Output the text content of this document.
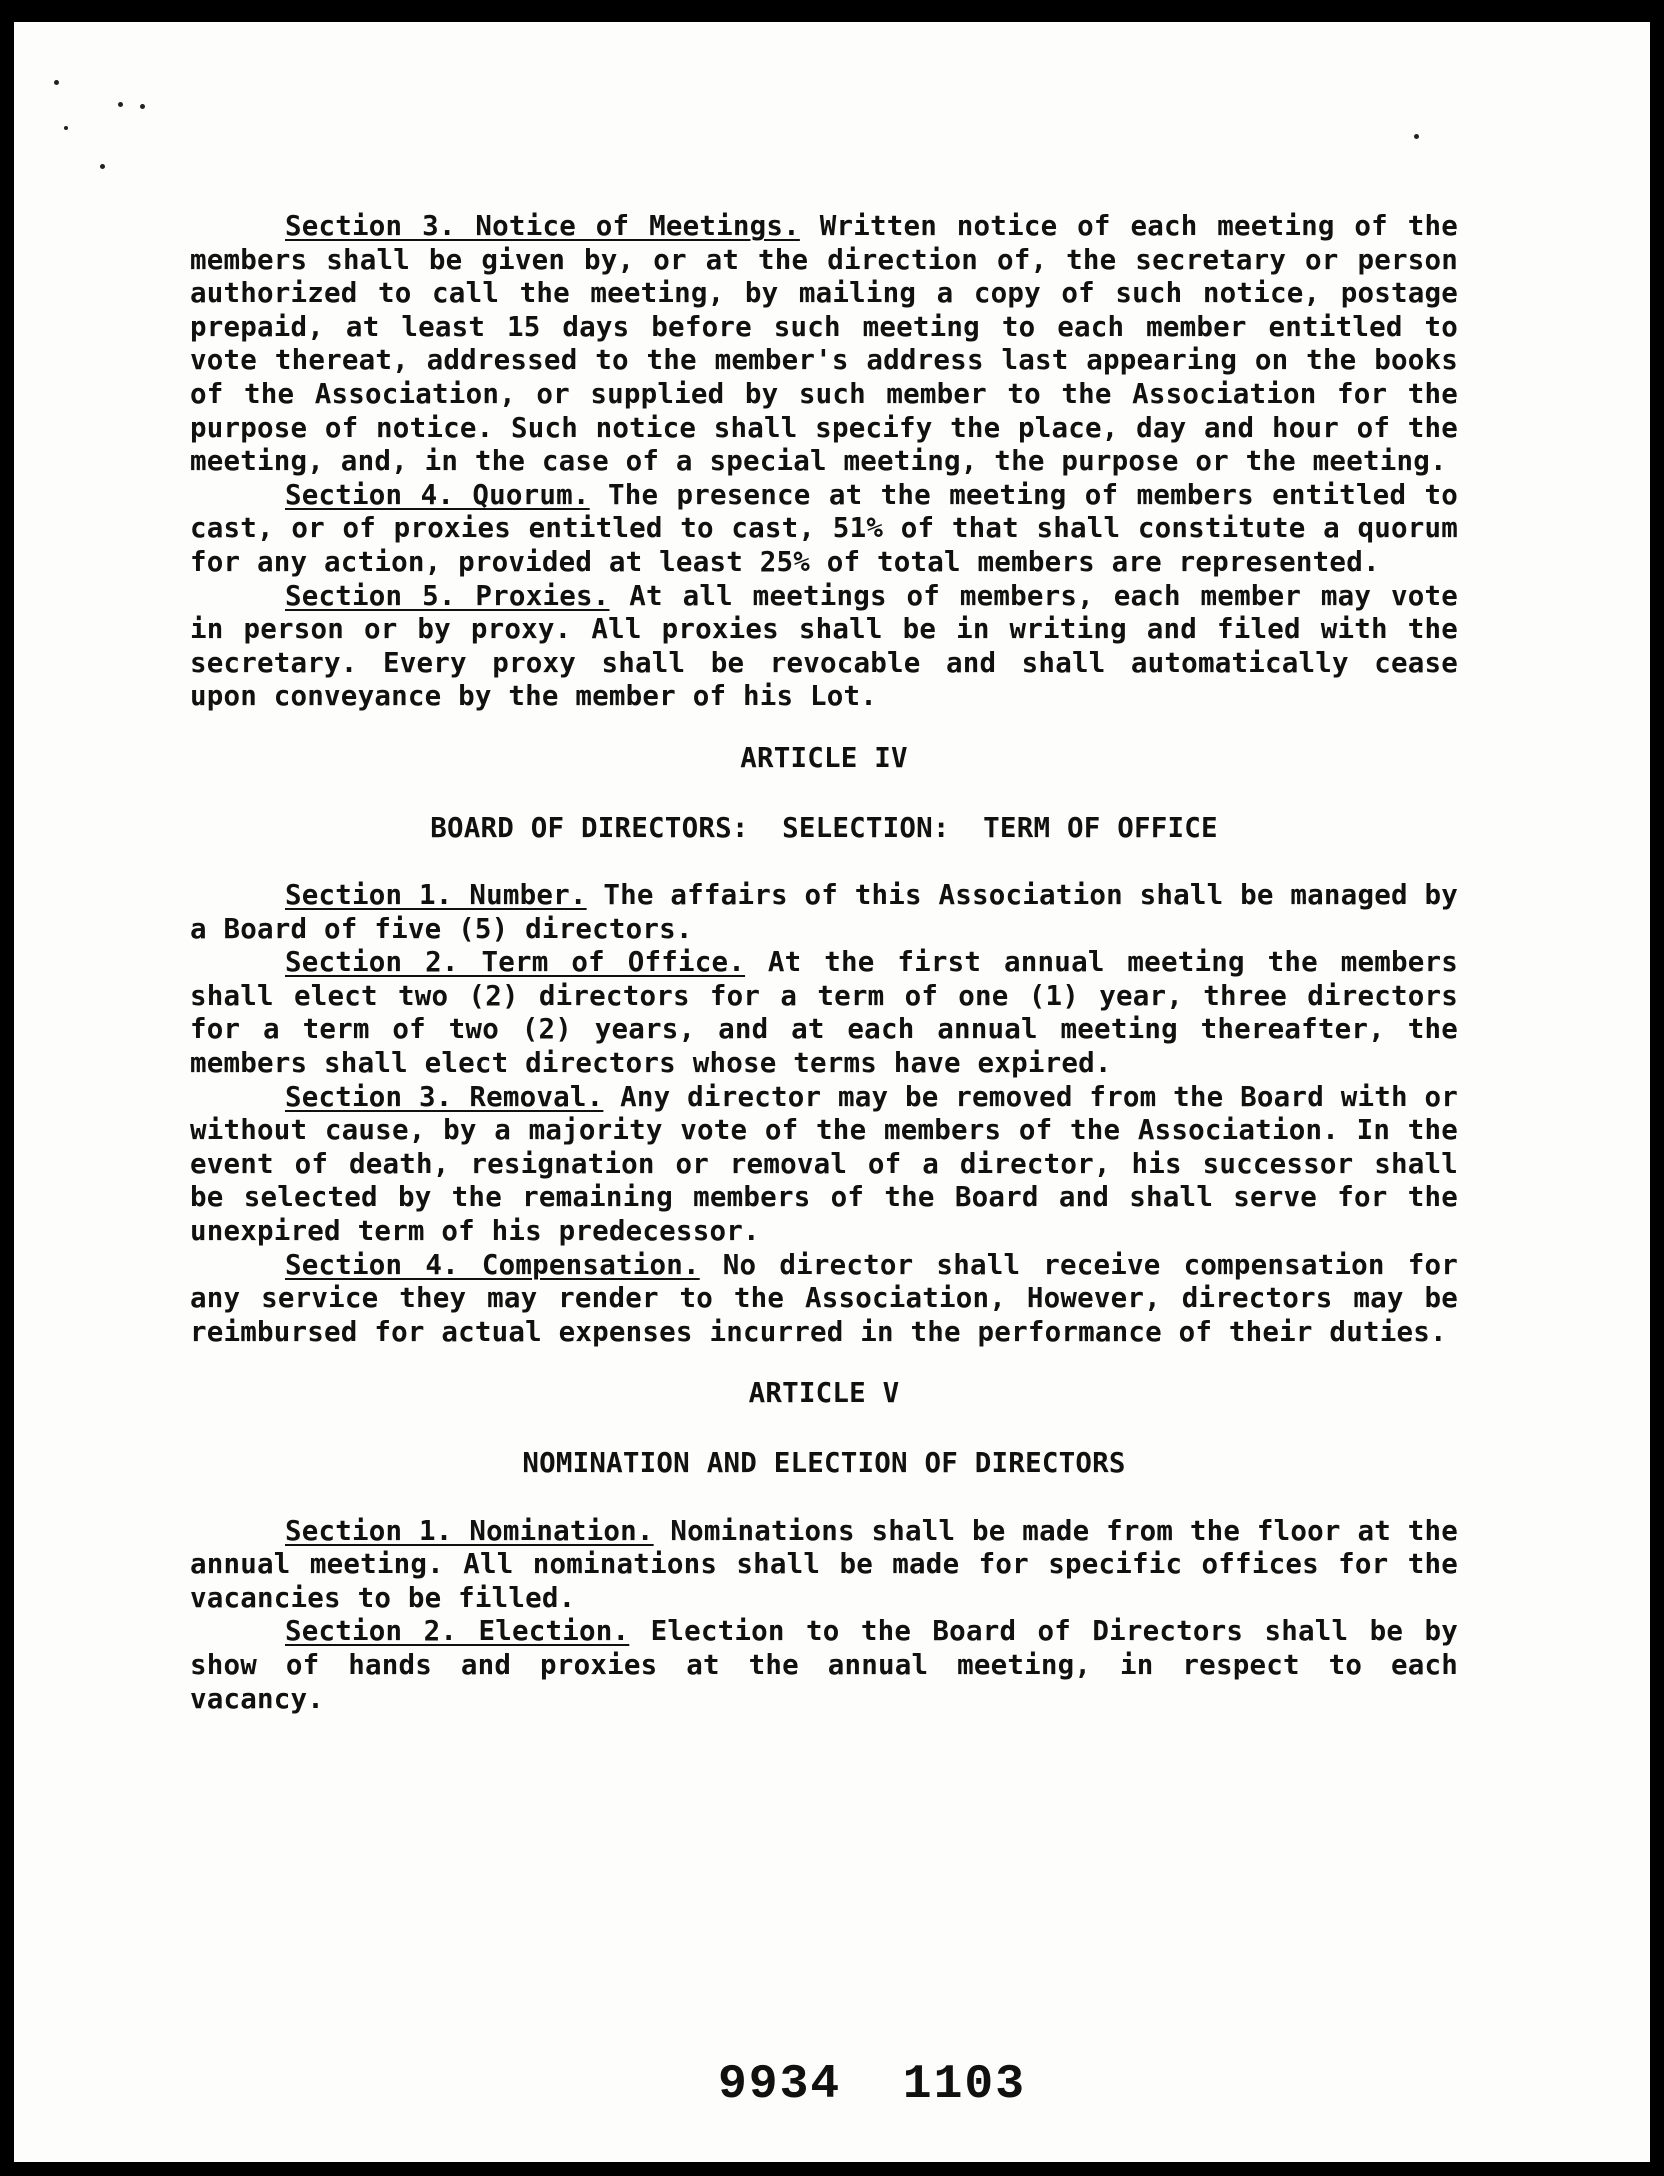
Section 3. Notice of Meetings. Written notice of each meeting of the members shall be given by, or at the direction of, the secretary or person authorized to call the meeting, by mailing a copy of such notice, postage prepaid, at least 15 days before such meeting to each member entitled to vote thereat, addressed to the member's address last appearing on the books of the Association, or supplied by such member to the Association for the purpose of notice. Such notice shall specify the place, day and hour of the meeting, and, in the case of a special meeting, the purpose or the meeting.

Section 4. Quorum. The presence at the meeting of members entitled to cast, or of proxies entitled to cast, 51% of that shall constitute a quorum for any action, provided at least 25% of total members are represented.

Section 5. Proxies. At all meetings of members, each member may vote in person or by proxy. All proxies shall be in writing and filed with the secretary. Every proxy shall be revocable and shall automatically cease upon conveyance by the member of his Lot.

ARTICLE IV

BOARD OF DIRECTORS:  SELECTION:  TERM OF OFFICE

Section 1. Number. The affairs of this Association shall be managed by a Board of five (5) directors.

Section 2. Term of Office. At the first annual meeting the members shall elect two (2) directors for a term of one (1) year, three directors for a term of two (2) years, and at each annual meeting thereafter, the members shall elect directors whose terms have expired.

Section 3. Removal. Any director may be removed from the Board with or without cause, by a majority vote of the members of the Association. In the event of death, resignation or removal of a director, his successor shall be selected by the remaining members of the Board and shall serve for the unexpired term of his predecessor.

Section 4. Compensation. No director shall receive compensation for any service they may render to the Association, However, directors may be reimbursed for actual expenses incurred in the performance of their duties.

ARTICLE V

NOMINATION AND ELECTION OF DIRECTORS

Section 1. Nomination. Nominations shall be made from the floor at the annual meeting. All nominations shall be made for specific offices for the vacancies to be filled.

Section 2. Election. Election to the Board of Directors shall be by show of hands and proxies at the annual meeting, in respect to each vacancy.

9934  1103
